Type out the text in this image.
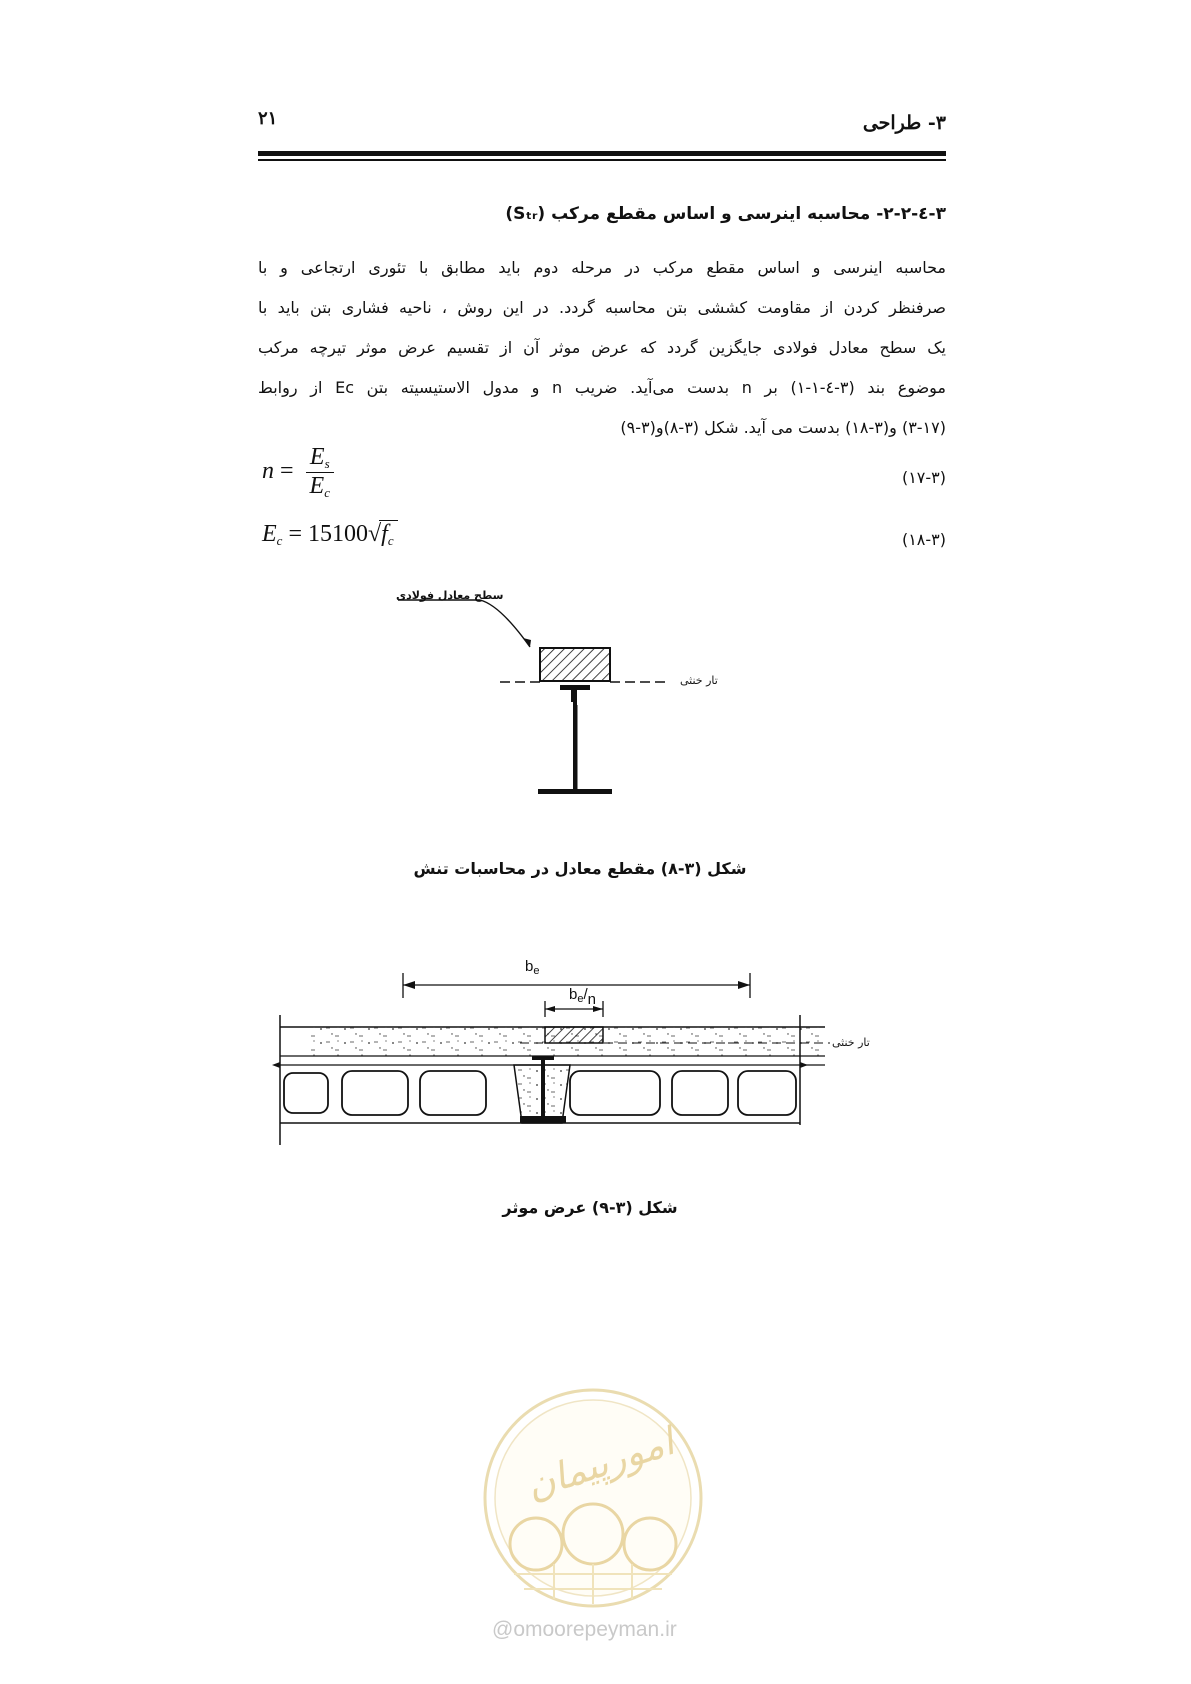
۲۱	۳- طراحی
۳-٤-۲-۲- محاسبه اینرسی و اساس مقطع مرکب (Sₜᵣ)
محاسبه اینرسی و اساس مقطع مرکب در مرحله دوم باید مطابق با تئوری ارتجاعی و با
صرفنظر کردن از مقاومت کششی بتن محاسبه گردد. در این روش ، ناحیه فشاری بتن باید با
یک سطح معادل فولادی جایگزین گردد که عرض موثر آن از تقسیم عرض موثر تیرچه مرکب
موضوع بند (۳-٤-۱-۱) بر n بدست می‌آید. ضریب n و مدول الاستیسیته بتن Ec از روابط
(۳-۱۷) و(۳-۱۸) بدست می آید. شکل (۳-۸)و(۳-۹)
$n = \frac{E_s}{E_c}$	(۱۷-۳)
$E_c = 15100√f_c$	(۱۸-۳)
سطح معادل فولادی
تار خنثی
شکل (۳-۸) مقطع معادل در محاسبات تنش
$b_e$
$b_e/n$
تار خنثی
شکل (۳-۹) عرض موثر
امورپیمان
@omoorepeyman.ir
